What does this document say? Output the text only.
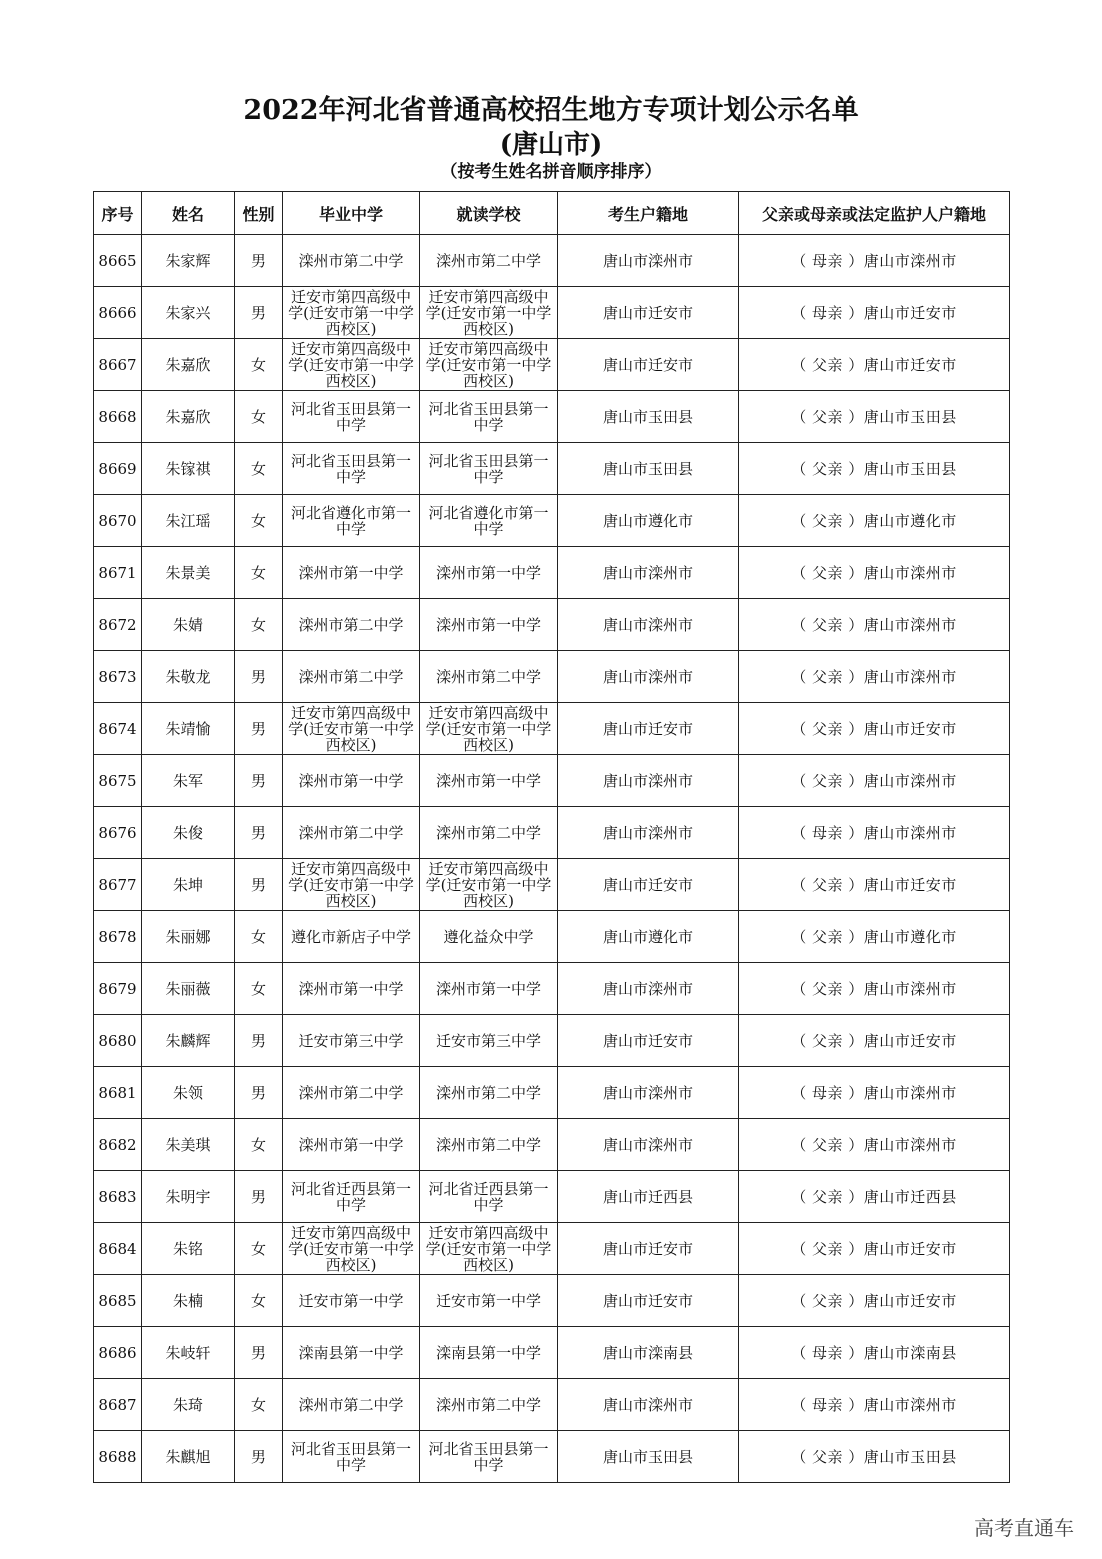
2022年河北省普通高校招生地方专项计划公示名单
(唐山市)
（按考生姓名拼音顺序排序）
序号	姓名	性别	毕业中学	就读学校	考生户籍地	父亲或母亲或法定监护人户籍地
8665	朱家辉	男	滦州市第二中学	滦州市第二中学	唐山市滦州市	（ 母亲 ）唐山市滦州市
8666	朱家兴	男	迁安市第四高级中学(迁安市第一中学西校区)	迁安市第四高级中学(迁安市第一中学西校区)	唐山市迁安市	（ 母亲 ）唐山市迁安市
8667	朱嘉欣	女	迁安市第四高级中学(迁安市第一中学西校区)	迁安市第四高级中学(迁安市第一中学西校区)	唐山市迁安市	（ 父亲 ）唐山市迁安市
8668	朱嘉欣	女	河北省玉田县第一中学	河北省玉田县第一中学	唐山市玉田县	（ 父亲 ）唐山市玉田县
8669	朱镓祺	女	河北省玉田县第一中学	河北省玉田县第一中学	唐山市玉田县	（ 父亲 ）唐山市玉田县
8670	朱江瑶	女	河北省遵化市第一中学	河北省遵化市第一中学	唐山市遵化市	（ 父亲 ）唐山市遵化市
8671	朱景美	女	滦州市第一中学	滦州市第一中学	唐山市滦州市	（ 父亲 ）唐山市滦州市
8672	朱婧	女	滦州市第二中学	滦州市第一中学	唐山市滦州市	（ 父亲 ）唐山市滦州市
8673	朱敬龙	男	滦州市第二中学	滦州市第二中学	唐山市滦州市	（ 父亲 ）唐山市滦州市
8674	朱靖愉	男	迁安市第四高级中学(迁安市第一中学西校区)	迁安市第四高级中学(迁安市第一中学西校区)	唐山市迁安市	（ 父亲 ）唐山市迁安市
8675	朱军	男	滦州市第一中学	滦州市第一中学	唐山市滦州市	（ 父亲 ）唐山市滦州市
8676	朱俊	男	滦州市第二中学	滦州市第二中学	唐山市滦州市	（ 母亲 ）唐山市滦州市
8677	朱坤	男	迁安市第四高级中学(迁安市第一中学西校区)	迁安市第四高级中学(迁安市第一中学西校区)	唐山市迁安市	（ 父亲 ）唐山市迁安市
8678	朱丽娜	女	遵化市新店子中学	遵化益众中学	唐山市遵化市	（ 父亲 ）唐山市遵化市
8679	朱丽薇	女	滦州市第一中学	滦州市第一中学	唐山市滦州市	（ 父亲 ）唐山市滦州市
8680	朱麟辉	男	迁安市第三中学	迁安市第三中学	唐山市迁安市	（ 父亲 ）唐山市迁安市
8681	朱领	男	滦州市第二中学	滦州市第二中学	唐山市滦州市	（ 母亲 ）唐山市滦州市
8682	朱美琪	女	滦州市第一中学	滦州市第二中学	唐山市滦州市	（ 父亲 ）唐山市滦州市
8683	朱明宇	男	河北省迁西县第一中学	河北省迁西县第一中学	唐山市迁西县	（ 父亲 ）唐山市迁西县
8684	朱铭	女	迁安市第四高级中学(迁安市第一中学西校区)	迁安市第四高级中学(迁安市第一中学西校区)	唐山市迁安市	（ 父亲 ）唐山市迁安市
8685	朱楠	女	迁安市第一中学	迁安市第一中学	唐山市迁安市	（ 父亲 ）唐山市迁安市
8686	朱岐轩	男	滦南县第一中学	滦南县第一中学	唐山市滦南县	（ 母亲 ）唐山市滦南县
8687	朱琦	女	滦州市第二中学	滦州市第二中学	唐山市滦州市	（ 母亲 ）唐山市滦州市
8688	朱麒旭	男	河北省玉田县第一中学	河北省玉田县第一中学	唐山市玉田县	（ 父亲 ）唐山市玉田县
高考直通车
